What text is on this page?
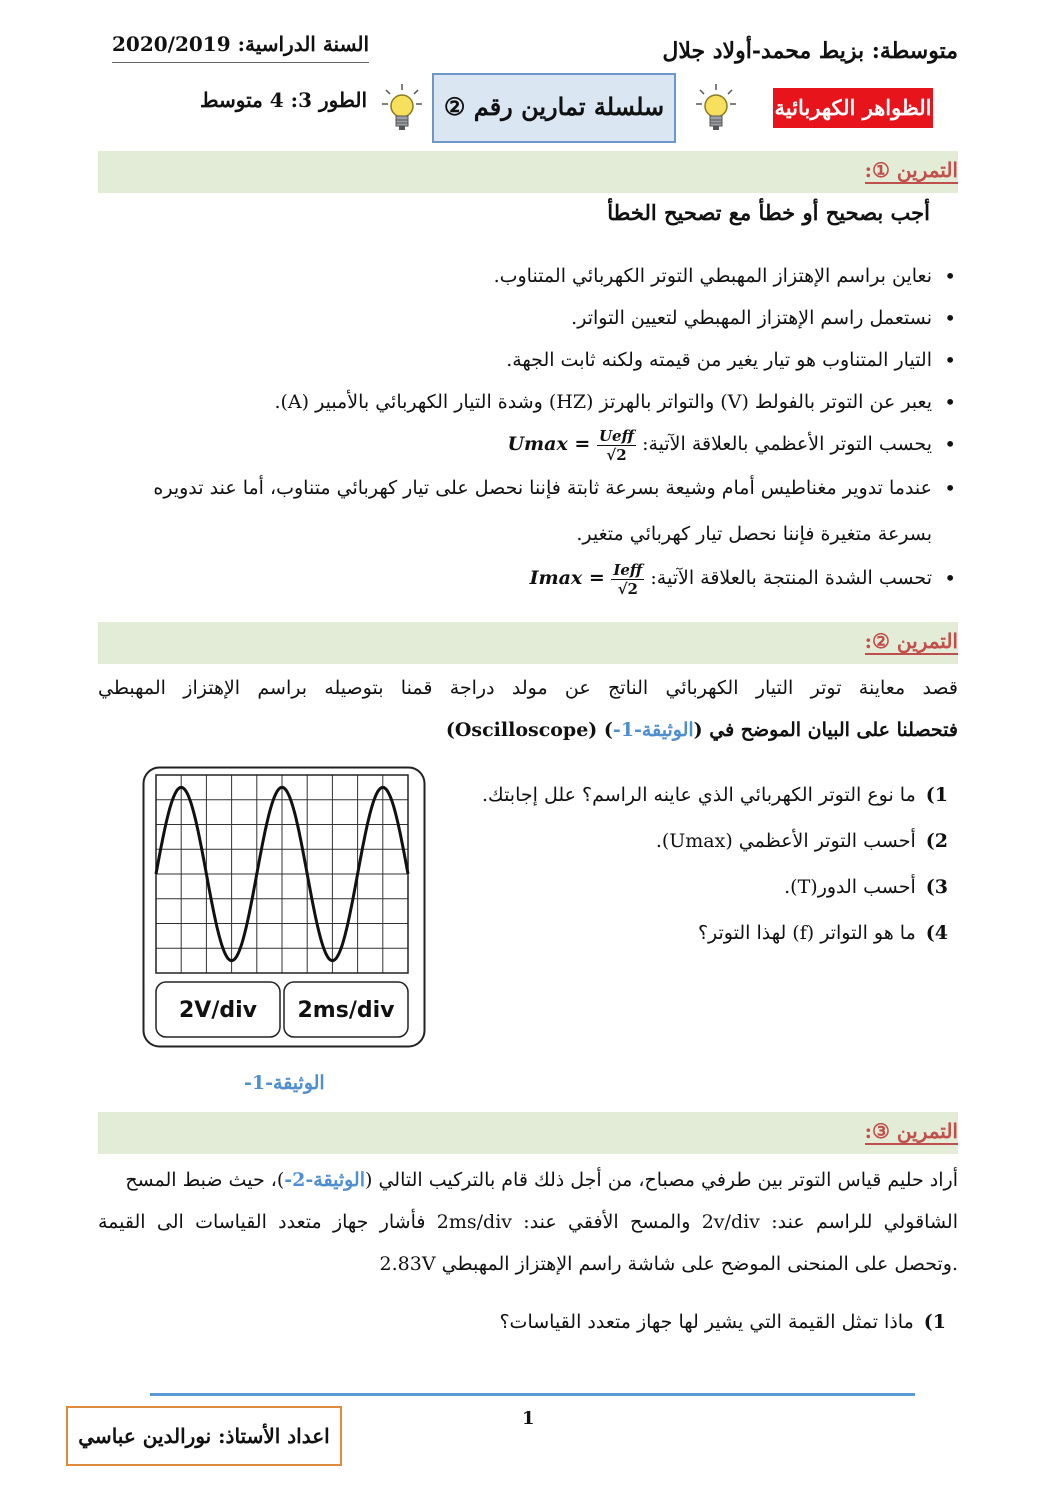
متوسطة: بزيط محمد-أولاد جلال
السنة الدراسية: 2020/2019
الطور 3: 4 متوسط	سلسلة تمارين رقم ②	الظواهر الكهربائية
التمرين ①:
أجب بصحيح أو خطأ مع تصحيح الخطأ
• نعاين براسم الإهتزاز المهبطي التوتر الكهربائي المتناوب.
• نستعمل راسم الإهتزاز المهبطي لتعيين التواتر.
• التيار المتناوب هو تيار يغير من قيمته ولكنه ثابت الجهة.
• يعبر عن التوتر بالفولط (V) والتواتر بالهرتز (HZ) وشدة التيار الكهربائي بالأمبير (A).
• يحسب التوتر الأعظمي بالعلاقة الآتية: $Umax = \frac{\text{Ueff}}{√2}$
• عندما تدوير مغناطيس أمام وشيعة بسرعة ثابتة فإننا نحصل على تيار كهربائي متناوب، أما عند تدويره بسرعة متغيرة فإننا نحصل تيار كهربائي متغير.
• تحسب الشدة المنتجة بالعلاقة الآتية: $Imax = \frac{\text{Ieff}}{√2}$
التمرين ②:
قصد معاينة توتر التيار الكهربائي الناتج عن مولد دراجة قمنا بتوصيله براسم الإهتزاز المهبطي
(Oscilloscope) فتحصلنا على البيان الموضح في (الوثيقة-1-)
1)ما نوع التوتر الكهربائي الذي عاينه الراسم؟ علل إجابتك.
2)أحسب التوتر الأعظمي (Umax).
3)أحسب الدور(T).
4)ما هو التواتر (f) لهذا التوتر؟
2V/div 2ms/div
الوثيقة-1-
التمرين ③:
أراد حليم قياس التوتر بين طرفي مصباح، من أجل ذلك قام بالتركيب التالي (الوثيقة-2-)، حيث ضبط المسح
الشاقولي للراسم عند: 2v/div والمسح الأفقي عند: 2ms/div فأشار جهاز متعدد القياسات الى القيمة
2.83V وتحصل على المنحنى الموضح على شاشة راسم الإهتزاز المهبطي.
1)ماذا تمثل القيمة التي يشير لها جهاز متعدد القياسات؟
1
اعداد الأستاذ: نورالدين عباسي
